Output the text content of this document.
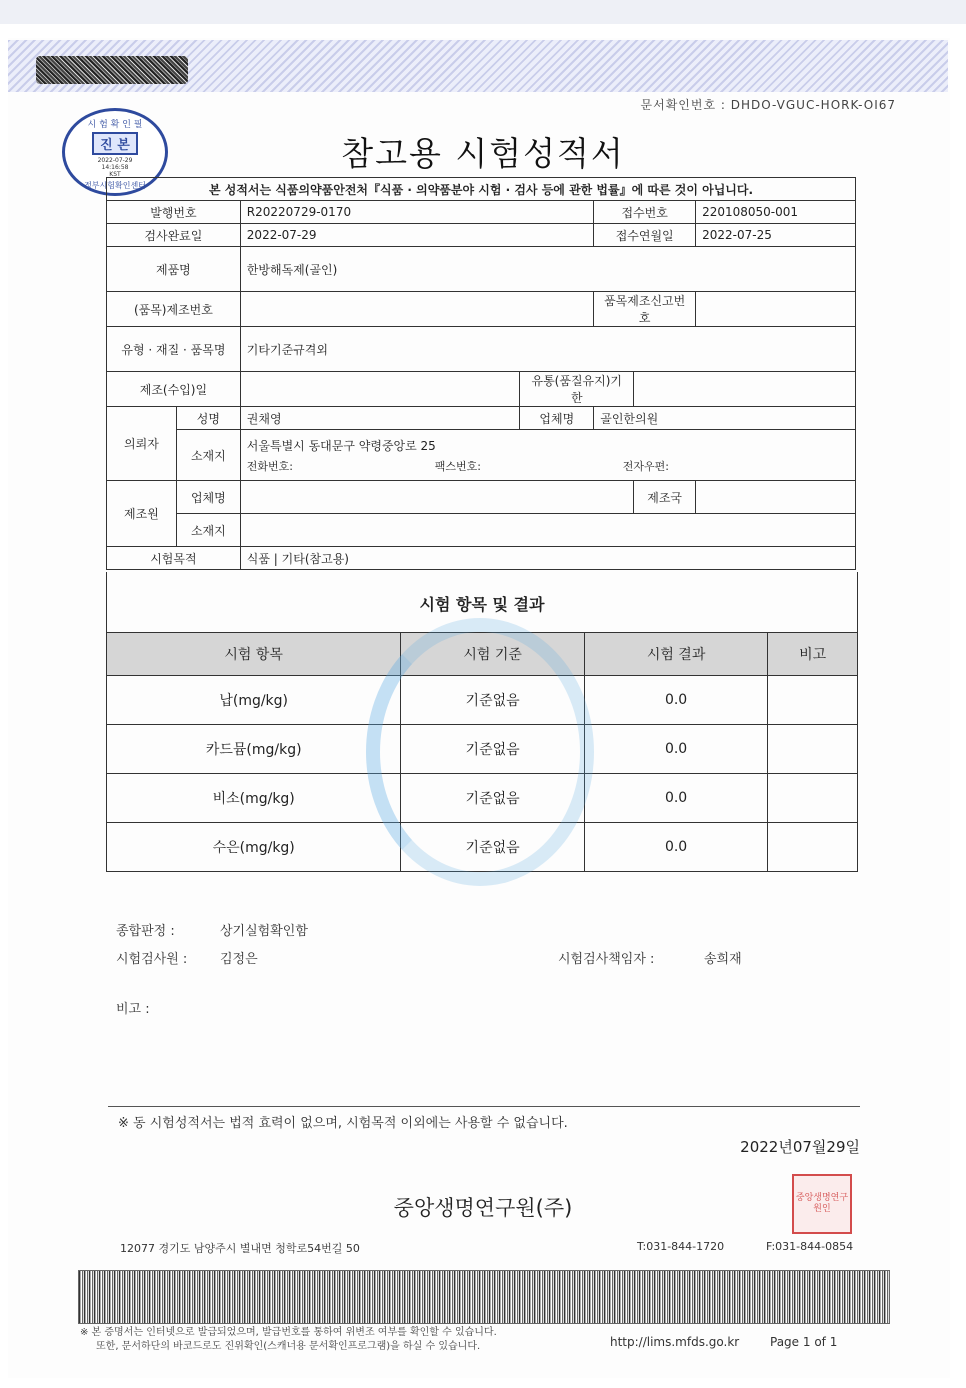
문서확인번호 : DHDO-VGUC-HORK-OI67
시 험 확 인 필
진 본
2022-07-29
14:16:58
KST
정부시험확인센터
참고용 시험성적서
본 성적서는 식품의약품안전처『식품 · 의약품분야 시험 · 검사 등에 관한 법률』에 따른 것이 아닙니다.						
발행번호		R20220729-0170		접수번호		220108050-001
검사완료일		2022-07-29		접수연월일		2022-07-25
제품명		한방해독제(골인)				
(품목)제조번호				품목제조신고번호		
유형 · 재질 · 품목명		기타기준규격외				
제조(수입)일			유통(품질유지)기한			
의뢰자	성명	권채영	업체명	골인한의원		
	소재지	서울특별시 동대문구 약령중앙로 25
전화번호: 팩스번호: 전자우편:				

제조원	업체명				제조국	
	소재지					
시험목적		식품 | 기타(참고용)				
시험 항목 및 결과
시험 항목	시험 기준	시험 결과	비고
납(mg/kg)	기준없음	0.0	
카드뮴(mg/kg)	기준없음	0.0	
비소(mg/kg)	기준없음	0.0	
수은(mg/kg)	기준없음	0.0	
종합판정 :	상기실험확인함
시험검사원 :	김정은	시험검사책임자 :	송희재
비고 :
※ 동 시험성적서는 법적 효력이 없으며, 시험목적 이외에는 사용할 수 없습니다.
2022년07월29일
중앙생명연구원(주)	중앙생명연구원인
12077 경기도 남양주시 별내면 청학로54번길 50	T:031-844-1720	F:031-844-0854
※ 본 증명서는 인터넷으로 발급되었으며, 발급번호를 통하여 위변조 여부를 확인할 수 있습니다.
또한, 문서하단의 바코드로도 진위확인(스캐너용 문서확인프로그램)을 하실 수 있습니다.	http://lims.mfds.go.kr	Page 1 of 1
